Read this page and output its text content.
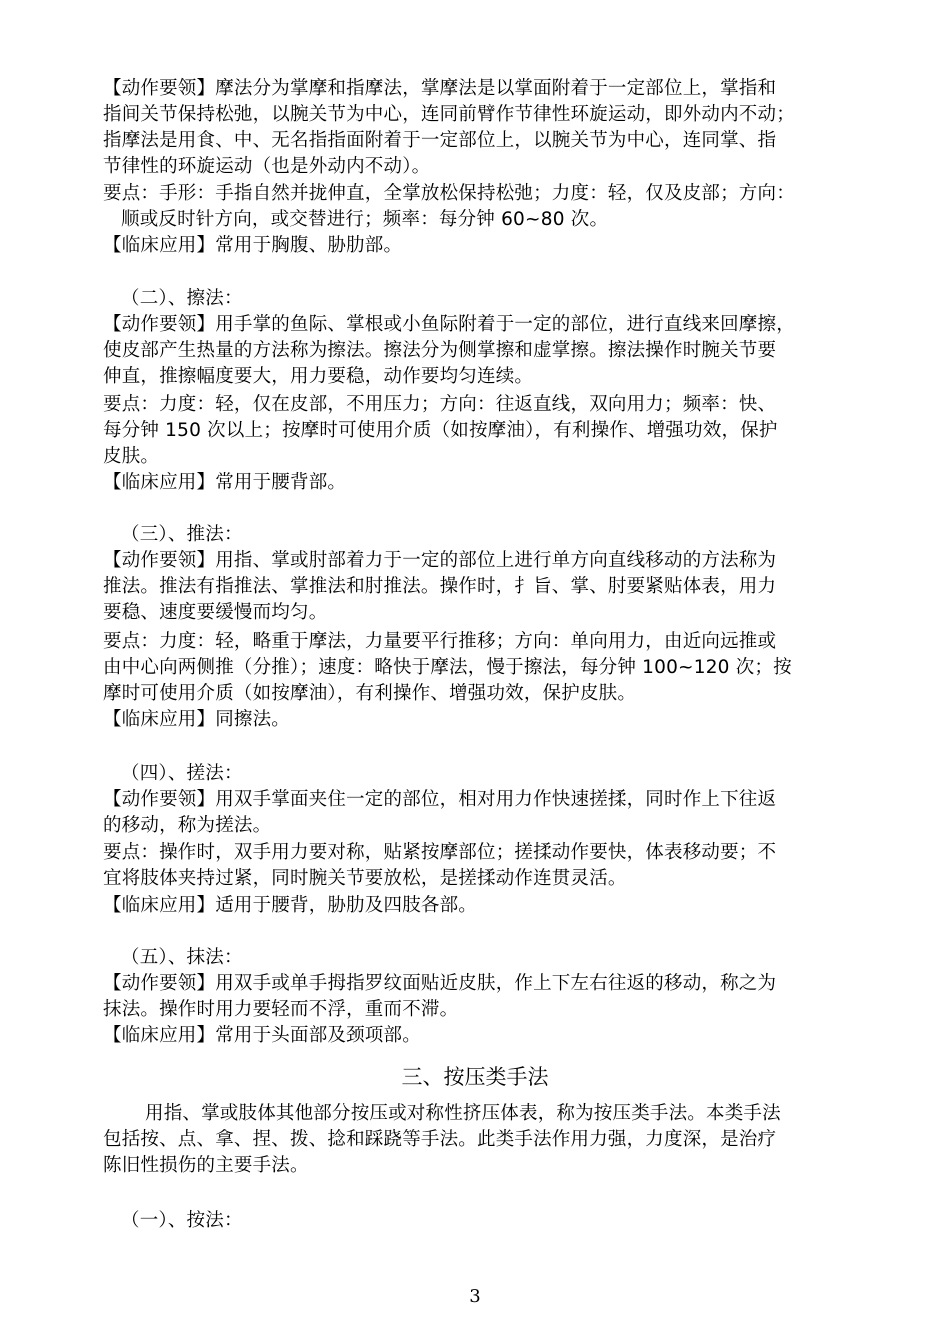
【动作要领】摩法分为掌摩和指摩法，掌摩法是以掌面附着于一定部位上，掌指和
指间关节保持松弛，以腕关节为中心，连同前臂作节律性环旋运动，即外动内不动；
指摩法是用食、中、无名指指面附着于一定部位上，以腕关节为中心，连同掌、指
节律性的环旋运动（也是外动内不动）。
要点：手形：手指自然并拢伸直，全掌放松保持松弛；力度：轻，仅及皮部；方向：
顺或反时针方向，或交替进行；频率：每分钟 60~80 次。
【临床应用】常用于胸腹、胁肋部。
（二）、擦法：
【动作要领】用手掌的鱼际、掌根或小鱼际附着于一定的部位，进行直线来回摩擦，
使皮部产生热量的方法称为擦法。擦法分为侧掌擦和虚掌擦。擦法操作时腕关节要
伸直，推擦幅度要大，用力要稳，动作要均匀连续。
要点：力度：轻，仅在皮部，不用压力；方向：往返直线，双向用力；频率：快、
每分钟 150 次以上；按摩时可使用介质（如按摩油），有利操作、增强功效，保护
皮肤。
【临床应用】常用于腰背部。
（三）、推法：
【动作要领】用指、掌或肘部着力于一定的部位上进行单方向直线移动的方法称为
推法。推法有指推法、掌推法和肘推法。操作时，扌旨、掌、肘要紧贴体表，用力
要稳、速度要缓慢而均匀。
要点：力度：轻，略重于摩法，力量要平行推移；方向：单向用力，由近向远推或
由中心向两侧推（分推）；速度：略快于摩法，慢于擦法，每分钟 100~120 次；按
摩时可使用介质（如按摩油），有利操作、增强功效，保护皮肤。
【临床应用】同擦法。
（四）、搓法：
【动作要领】用双手掌面夹住一定的部位，相对用力作快速搓揉，同时作上下往返
的移动，称为搓法。
要点：操作时，双手用力要对称，贴紧按摩部位；搓揉动作要快，体表移动要；不
宜将肢体夹持过紧，同时腕关节要放松，是搓揉动作连贯灵活。
【临床应用】适用于腰背，胁肋及四肢各部。
（五）、抹法：
【动作要领】用双手或单手拇指罗纹面贴近皮肤，作上下左右往返的移动，称之为
抹法。操作时用力要轻而不浮，重而不滞。
【临床应用】常用于头面部及颈项部。
三、按压类手法
用指、掌或肢体其他部分按压或对称性挤压体表，称为按压类手法。本类手法
包括按、点、拿、捏、拨、捻和踩跷等手法。此类手法作用力强，力度深，是治疗
陈旧性损伤的主要手法。
（一）、按法：
3
